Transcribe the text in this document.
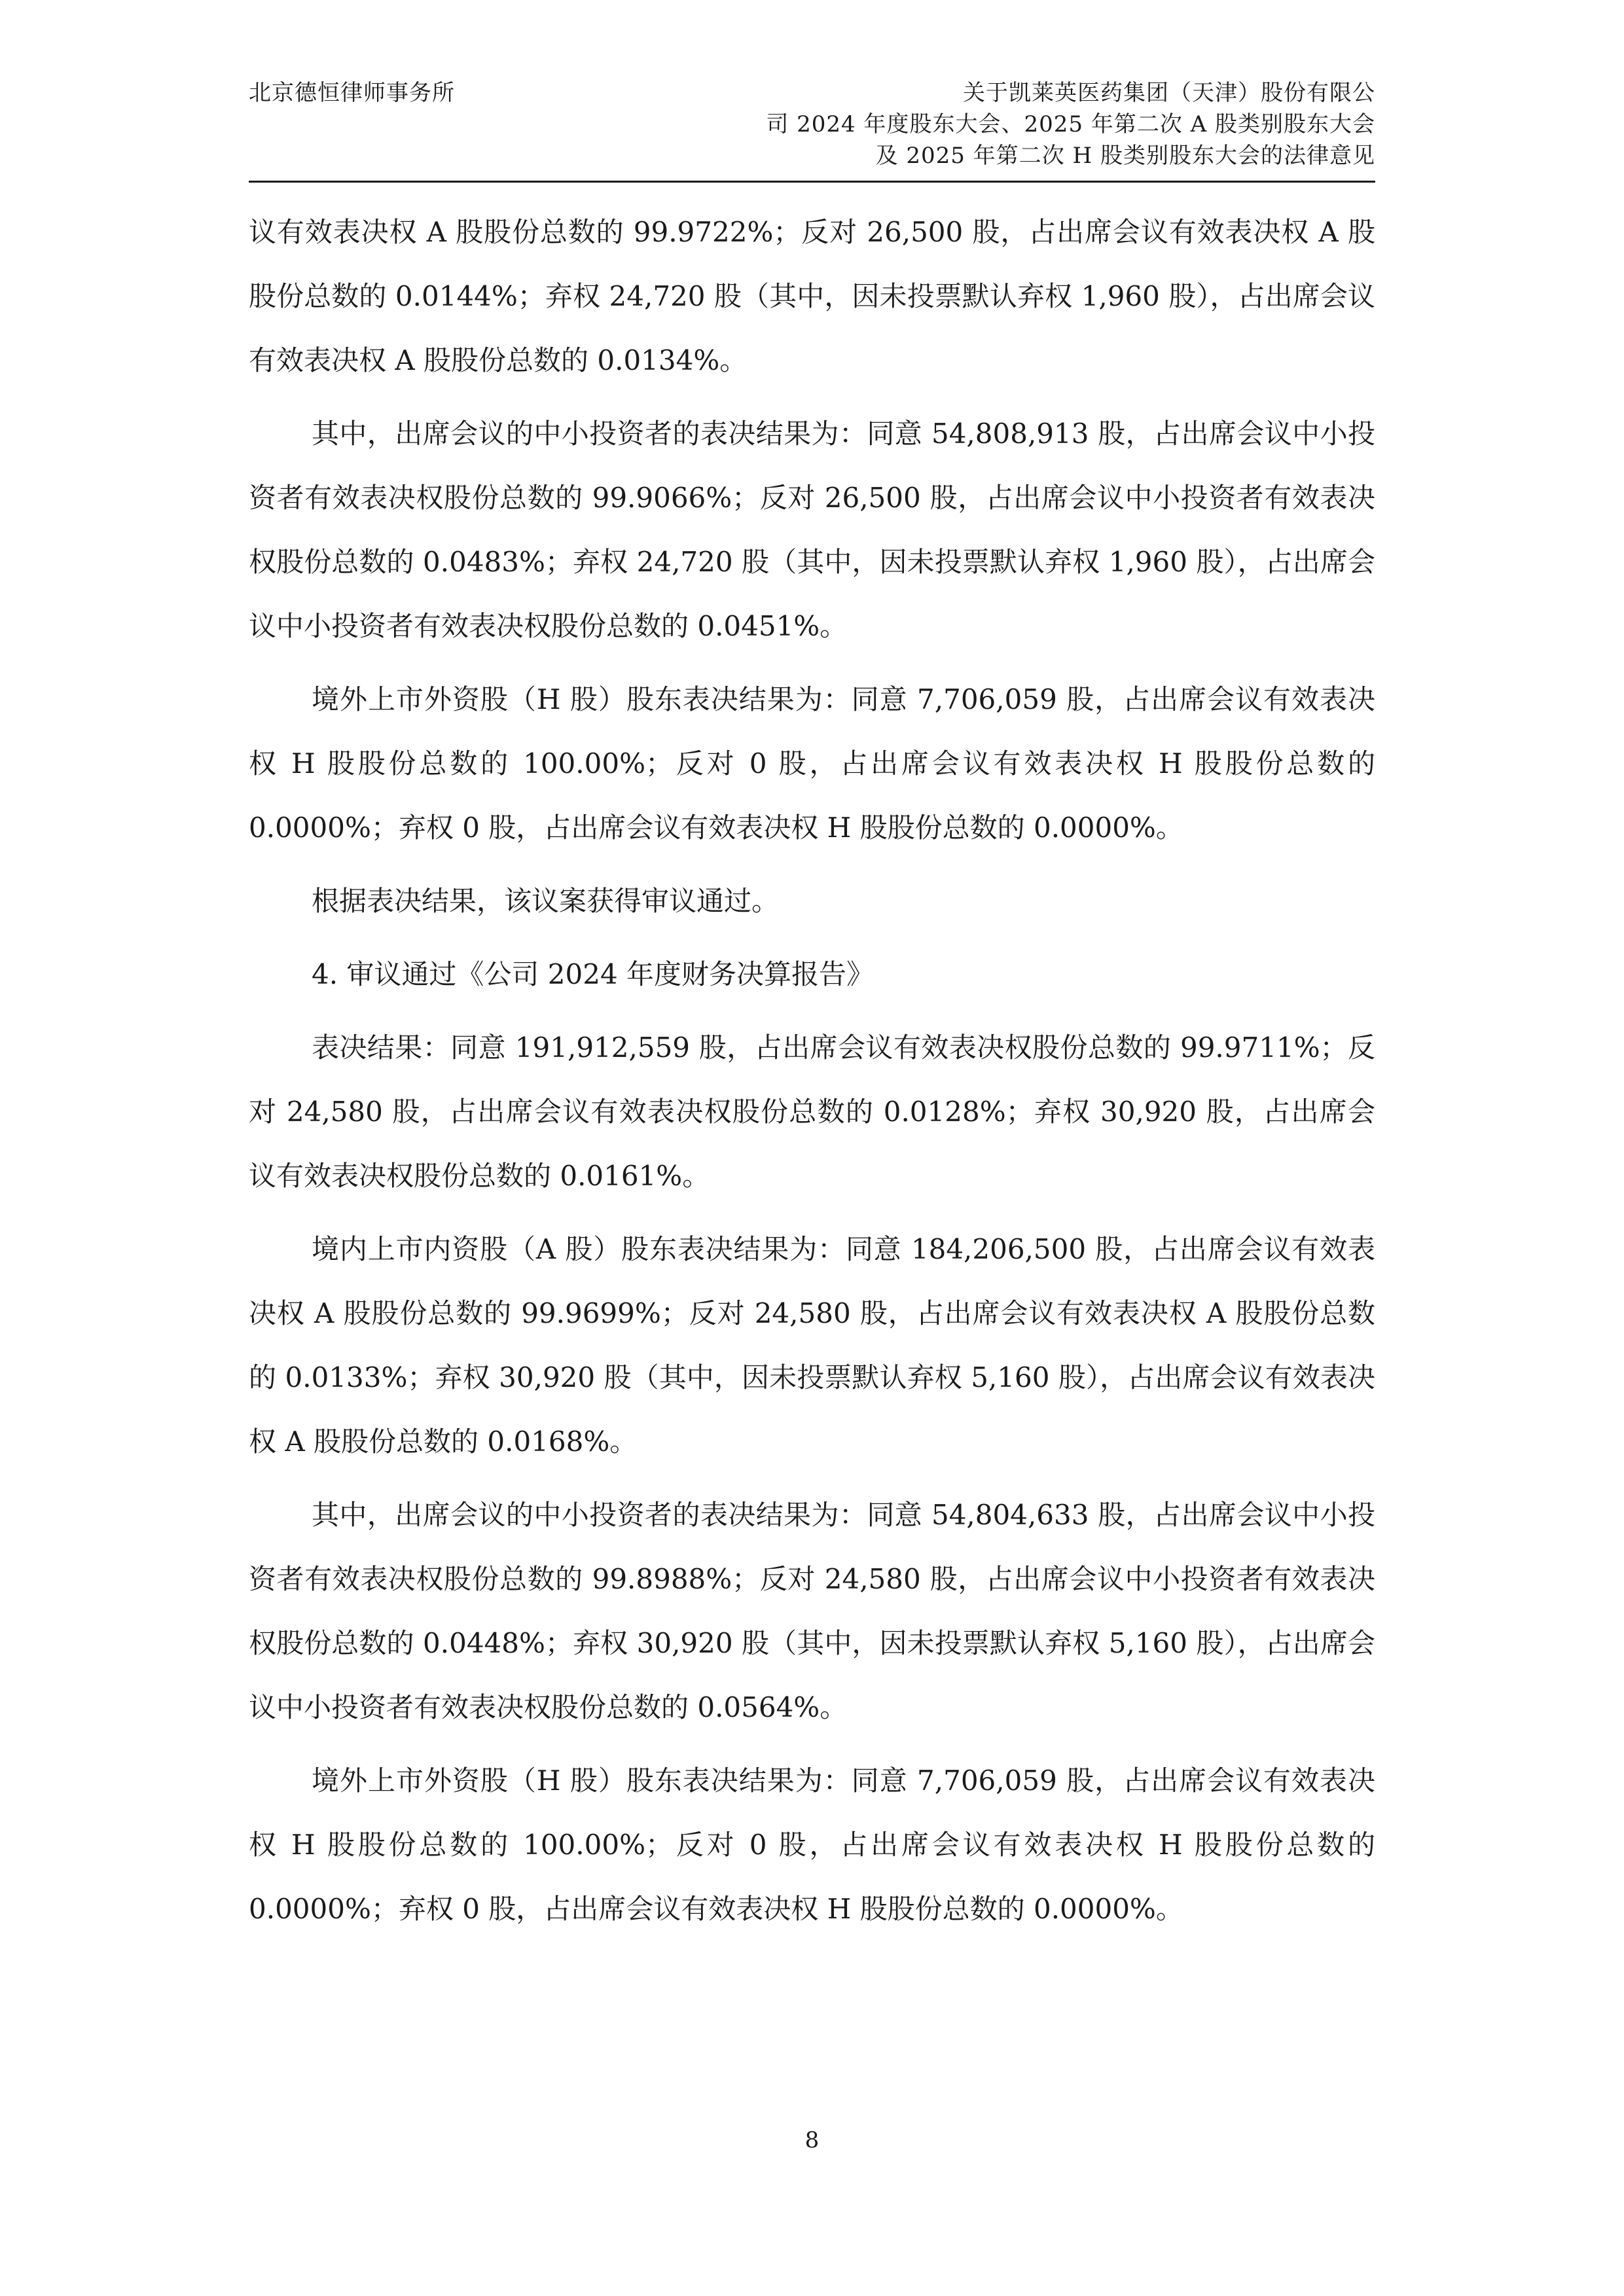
北京德恒律师事务所	关于凯莱英医药集团（天津）股份有限公
司 2024 年度股东大会、2025 年第二次 A 股类别股东大会
及 2025 年第二次 H 股类别股东大会的法律意见

议有效表决权 A 股股份总数的 99.9722%；反对 26,500 股，占出席会议有效表决权 A 股股份总数的 0.0144%；弃权 24,720 股（其中，因未投票默认弃权 1,960 股），占出席会议有效表决权 A 股股份总数的 0.0134%。

其中，出席会议的中小投资者的表决结果为：同意 54,808,913 股，占出席会议中小投资者有效表决权股份总数的 99.9066%；反对 26,500 股，占出席会议中小投资者有效表决权股份总数的 0.0483%；弃权 24,720 股（其中，因未投票默认弃权 1,960 股），占出席会议中小投资者有效表决权股份总数的 0.0451%。

境外上市外资股（H 股）股东表决结果为：同意 7,706,059 股，占出席会议有效表决权 H 股股份总数的 100.00%；反对 0 股，占出席会议有效表决权 H 股股份总数的 0.0000%；弃权 0 股，占出席会议有效表决权 H 股股份总数的 0.0000%。

根据表决结果，该议案获得审议通过。

4. 审议通过《公司 2024 年度财务决算报告》

表决结果：同意 191,912,559 股，占出席会议有效表决权股份总数的 99.9711%；反对 24,580 股，占出席会议有效表决权股份总数的 0.0128%；弃权 30,920 股，占出席会议有效表决权股份总数的 0.0161%。

境内上市内资股（A 股）股东表决结果为：同意 184,206,500 股，占出席会议有效表决权 A 股股份总数的 99.9699%；反对 24,580 股，占出席会议有效表决权 A 股股份总数的 0.0133%；弃权 30,920 股（其中，因未投票默认弃权 5,160 股），占出席会议有效表决权 A 股股份总数的 0.0168%。

其中，出席会议的中小投资者的表决结果为：同意 54,804,633 股，占出席会议中小投资者有效表决权股份总数的 99.8988%；反对 24,580 股，占出席会议中小投资者有效表决权股份总数的 0.0448%；弃权 30,920 股（其中，因未投票默认弃权 5,160 股），占出席会议中小投资者有效表决权股份总数的 0.0564%。

境外上市外资股（H 股）股东表决结果为：同意 7,706,059 股，占出席会议有效表决权 H 股股份总数的 100.00%；反对 0 股，占出席会议有效表决权 H 股股份总数的 0.0000%；弃权 0 股，占出席会议有效表决权 H 股股份总数的 0.0000%。

8
